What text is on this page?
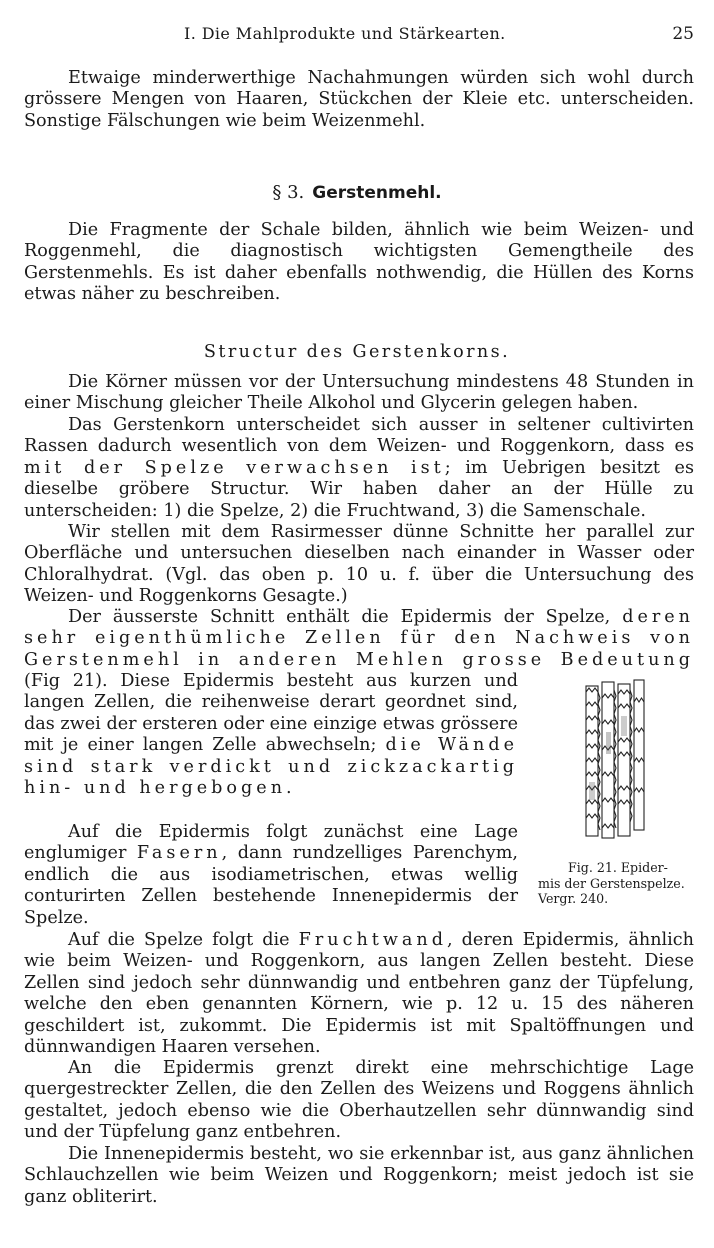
I. Die Mahlprodukte und Stärkearten.	25

Etwaige minderwerthige Nachahmungen würden sich wohl durch grössere Mengen von Haaren, Stückchen der Kleie etc. unterscheiden. Sonstige Fälschungen wie beim Weizenmehl.

§ 3. Gerstenmehl.

Die Fragmente der Schale bilden, ähnlich wie beim Weizen- und Roggenmehl, die diagnostisch wichtigsten Gemengtheile des Gerstenmehls. Es ist daher ebenfalls nothwendig, die Hüllen des Korns etwas näher zu beschreiben.

Structur des Gerstenkorns.

Die Körner müssen vor der Untersuchung mindestens 48 Stunden in einer Mischung gleicher Theile Alkohol und Glycerin gelegen haben.

Das Gerstenkorn unterscheidet sich ausser in seltener cultivirten Rassen dadurch wesentlich von dem Weizen- und Roggenkorn, dass es mit der Spelze verwachsen ist; im Uebrigen besitzt es dieselbe gröbere Structur. Wir haben daher an der Hülle zu unterscheiden: 1) die Spelze, 2) die Fruchtwand, 3) die Samenschale.

Wir stellen mit dem Rasirmesser dünne Schnitte her parallel zur Oberfläche und untersuchen dieselben nach einander in Wasser oder Chloralhydrat. (Vgl. das oben p. 10 u. f. über die Untersuchung des Weizen- und Roggenkorns Gesagte.)

Der äusserste Schnitt enthält die Epidermis der Spelze, deren sehr eigenthümliche Zellen für den Nachweis von Gerstenmehl in anderen Mehlen grosse Bedeutung

(Fig 21). Diese Epidermis besteht aus kurzen und langen Zellen, die reihenweise derart geordnet sind, das zwei der ersteren oder eine einzige etwas grössere mit je einer langen Zelle abwechseln; die Wände sind stark verdickt und zickzackartig hin- und hergebogen.

Auf die Epidermis folgt zunächst eine Lage englumiger Fasern, dann rundzelliges Parenchym, endlich die aus isodiametrischen, etwas wellig conturirten Zellen bestehende Innenepidermis der Spelze.

Fig. 21. Epider-
mis der Gerstenspelze.
Vergr. 240.

Auf die Spelze folgt die Fruchtwand, deren Epidermis, ähnlich wie beim Weizen- und Roggenkorn, aus langen Zellen besteht. Diese Zellen sind jedoch sehr dünnwandig und entbehren ganz der Tüpfelung, welche den eben genannten Körnern, wie p. 12 u. 15 des näheren geschildert ist, zukommt. Die Epidermis ist mit Spaltöffnungen und dünnwandigen Haaren versehen.

An die Epidermis grenzt direkt eine mehrschichtige Lage quergestreckter Zellen, die den Zellen des Weizens und Roggens ähnlich gestaltet, jedoch ebenso wie die Oberhautzellen sehr dünnwandig sind und der Tüpfelung ganz entbehren.

Die Innenepidermis besteht, wo sie erkennbar ist, aus ganz ähnlichen Schlauchzellen wie beim Weizen und Roggenkorn; meist jedoch ist sie ganz obliterirt.
